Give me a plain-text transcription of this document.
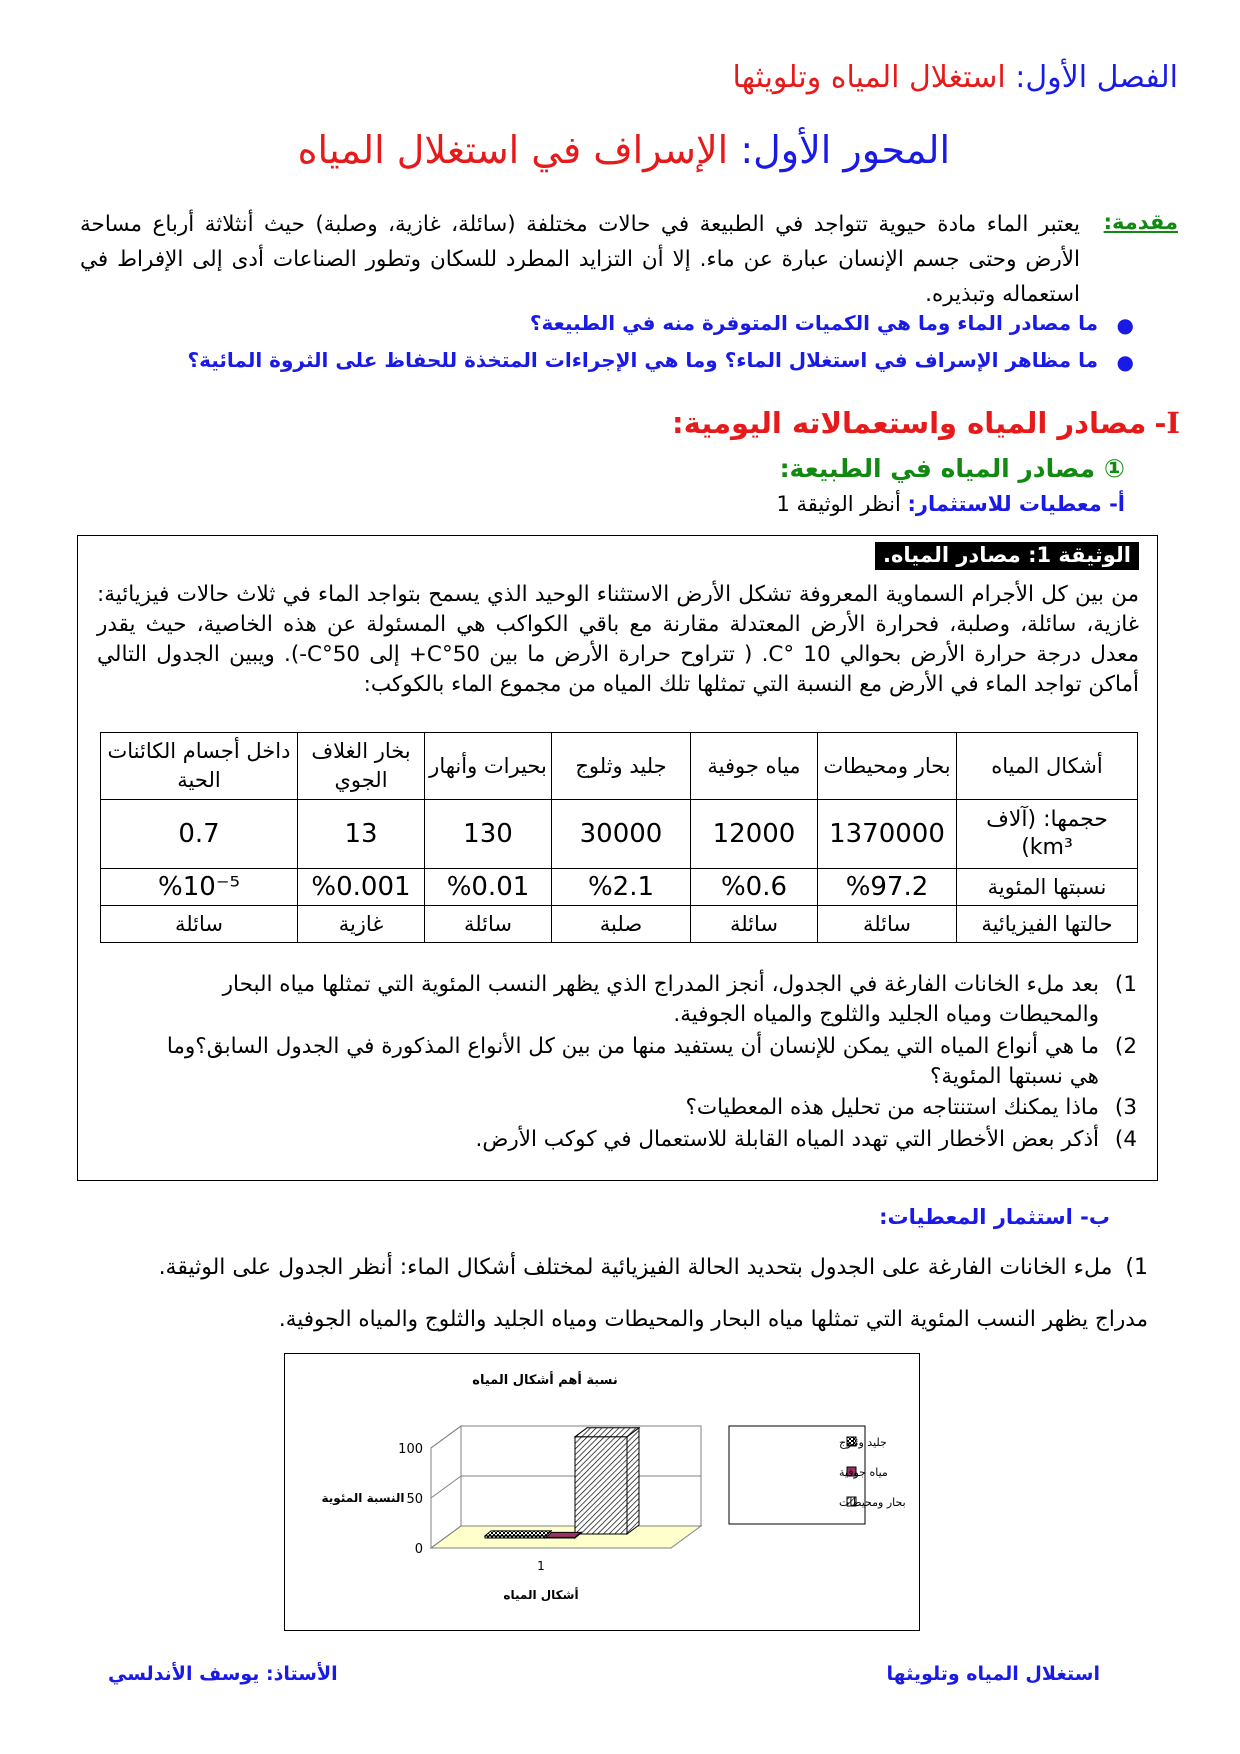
الفصل الأول: استغلال المياه وتلويثها
المحور الأول: الإسراف في استغلال المياه
مقدمة:
يعتبر الماء مادة حيوية تتواجد في الطبيعة في حالات مختلفة (سائلة، غازية، وصلبة) حيث أنثلاثة أرباع مساحة الأرض وحتى جسم الإنسان عبارة عن ماء. إلا أن التزايد المطرد للسكان وتطور الصناعات أدى إلى الإفراط في استعماله وتبذيره.
●
ما مصادر الماء وما هي الكميات المتوفرة منه في الطبيعة؟
●
ما مظاهر الإسراف في استغلال الماء؟ وما هي الإجراءات المتخذة للحفاظ على الثروة المائية؟
I-مصادر المياه واستعمالاته اليومية:
① مصادر المياه في الطبيعة:
أ- معطيات للاستثمار: أنظر الوثيقة 1
الوثيقة 1: مصادر المياه.
من بين كل الأجرام السماوية المعروفة تشكل الأرض الاستثناء الوحيد الذي يسمح بتواجد الماء في ثلاث حالات فيزيائية: غازية، سائلة، وصلبة، فحرارة الأرض المعتدلة مقارنة مع باقي الكواكب هي المسئولة عن هذه الخاصية، حيث يقدر معدل درجة حرارة الأرض بحوالي 10 °C. ( تتراوح حرارة الأرض ما بين 50°C+ إلى 50°C-). ويبين الجدول التالي أماكن تواجد الماء في الأرض مع النسبة التي تمثلها تلك المياه من مجموع الماء بالكوكب:
أشكال المياه	بحار ومحيطات	مياه جوفية	جليد وثلوج	بحيرات وأنهار	بخار الغلاف الجوي	داخل أجسام الكائنات الحية
حجمها: (آلاف km³)	1370000	12000	30000	130	13	0.7
نسبتها المئوية	%97.2	%0.6	%2.1	%0.01	%0.001	%10⁻⁵
حالتها الفيزيائية	سائلة	سائلة	صلبة	سائلة	غازية	سائلة
1)
بعد ملء الخانات الفارغة في الجدول، أنجز المدراج الذي يظهر النسب المئوية التي تمثلها مياه البحار والمحيطات ومياه الجليد والثلوج والمياه الجوفية.
2)
ما هي أنواع المياه التي يمكن للإنسان أن يستفيد منها من بين كل الأنواع المذكورة في الجدول السابق؟وما هي نسبتها المئوية؟
3)
ماذا يمكنك استنتاجه من تحليل هذه المعطيات؟
4)
أذكر بعض الأخطار التي تهدد المياه القابلة للاستعمال في كوكب الأرض.
ب- استثمار المعطيات:
1) ملء الخانات الفارغة على الجدول بتحديد الحالة الفيزيائية لمختلف أشكال الماء: أنظر الجدول على الوثيقة.
مدراج يظهر النسب المئوية التي تمثلها مياه البحار والمحيطات ومياه الجليد والثلوج والمياه الجوفية.
نسبة أهم أشكال المياه
0
50
100
النسبة المئوية
1
أشكال المياه
جليد وثلوج
مياه جوفية
بحار ومحيطات
الأستاذ: يوسف الأندلسي	استغلال المياه وتلويثها
